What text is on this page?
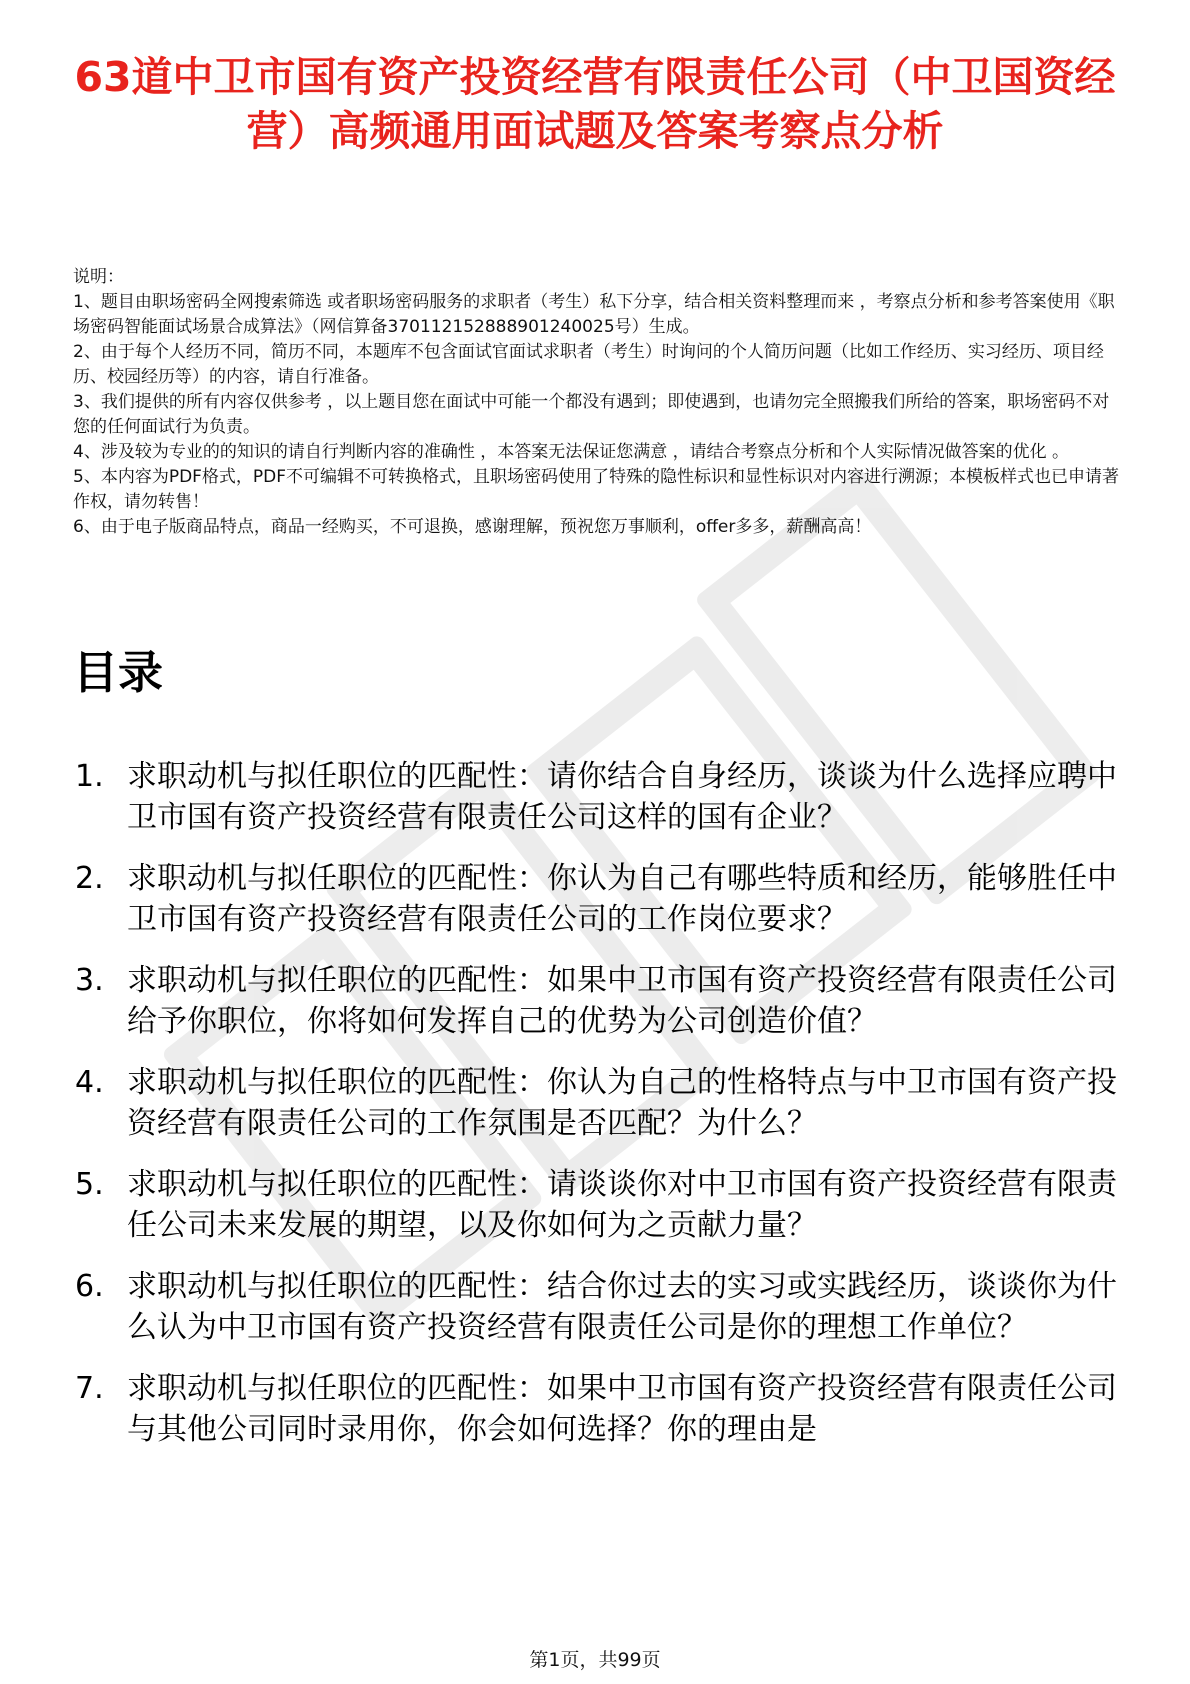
63道中卫市国有资产投资经营有限责任公司（中卫国资经营）高频通用面试题及答案考察点分析

说明：

1、题目由职场密码全网搜索筛选 或者职场密码服务的求职者（考生）私下分享，结合相关资料整理而来 ，考察点分析和参考答案使用《职场密码智能面试场景合成算法》（网信算备370112152888901240025号）生成。

2、由于每个人经历不同，简历不同，本题库不包含面试官面试求职者（考生）时询问的个人简历问题（比如工作经历、实习经历、项目经历、校园经历等）的内容，请自行准备。

3、我们提供的所有内容仅供参考 ，以上题目您在面试中可能一个都没有遇到；即使遇到，也请勿完全照搬我们所给的答案，职场密码不对您的任何面试行为负责。

4、涉及较为专业的的知识的请自行判断内容的准确性 ，本答案无法保证您满意 ，请结合考察点分析和个人实际情况做答案的优化 。

5、本内容为PDF格式，PDF不可编辑不可转换格式，且职场密码使用了特殊的隐性标识和显性标识对内容进行溯源；本模板样式也已申请著作权，请勿转售！

6、由于电子版商品特点，商品一经购买，不可退换，感谢理解，预祝您万事顺利，offer多多，薪酬高高！

目录
1. 求职动机与拟任职位的匹配性：请你结合自身经历，谈谈为什么选择应聘中卫市国有资产投资经营有限责任公司这样的国有企业？
2. 求职动机与拟任职位的匹配性：你认为自己有哪些特质和经历，能够胜任中卫市国有资产投资经营有限责任公司的工作岗位要求？
3. 求职动机与拟任职位的匹配性：如果中卫市国有资产投资经营有限责任公司给予你职位，你将如何发挥自己的优势为公司创造价值？
4. 求职动机与拟任职位的匹配性：你认为自己的性格特点与中卫市国有资产投资经营有限责任公司的工作氛围是否匹配？为什么？
5. 求职动机与拟任职位的匹配性：请谈谈你对中卫市国有资产投资经营有限责任公司未来发展的期望，以及你如何为之贡献力量？
6. 求职动机与拟任职位的匹配性：结合你过去的实习或实践经历，谈谈你为什么认为中卫市国有资产投资经营有限责任公司是你的理想工作单位？
7. 求职动机与拟任职位的匹配性：如果中卫市国有资产投资经营有限责任公司与其他公司同时录用你，你会如何选择？你的理由是
第1页，共99页
